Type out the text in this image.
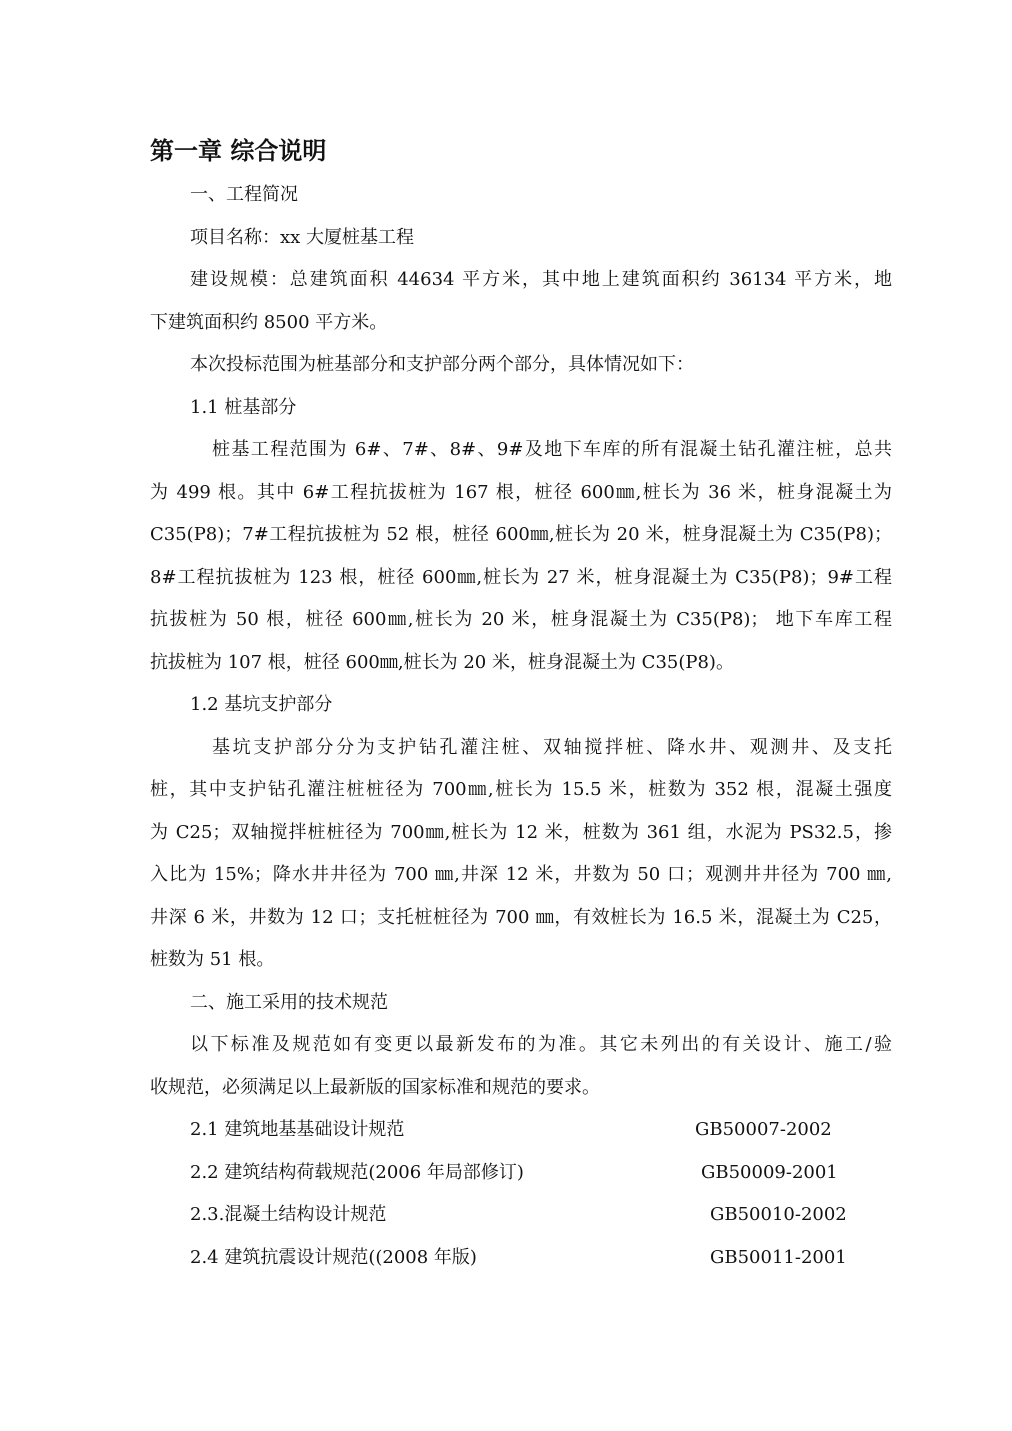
第一章 综合说明
一、工程简况
项目名称：xx 大厦桩基工程
建设规模：总建筑面积 44634 平方米，其中地上建筑面积约 36134 平方米，地
下建筑面积约 8500 平方米。
本次投标范围为桩基部分和支护部分两个部分，具体情况如下：
1.1 桩基部分
桩基工程范围为 6#、7#、8#、9#及地下车库的所有混凝土钻孔灌注桩，总共
为 499 根。其中 6#工程抗拔桩为 167 根，桩径 600㎜,桩长为 36 米，桩身混凝土为
C35(P8)；7#工程抗拔桩为 52 根，桩径 600㎜,桩长为 20 米，桩身混凝土为 C35(P8)；
8#工程抗拔桩为 123 根，桩径 600㎜,桩长为 27 米，桩身混凝土为 C35(P8)；9#工程
抗拔桩为 50 根，桩径 600㎜,桩长为 20 米，桩身混凝土为 C35(P8)； 地下车库工程
抗拔桩为 107 根，桩径 600㎜,桩长为 20 米，桩身混凝土为 C35(P8)。
1.2 基坑支护部分
基坑支护部分分为支护钻孔灌注桩、双轴搅拌桩、降水井、观测井、及支托
桩，其中支护钻孔灌注桩桩径为 700㎜,桩长为 15.5 米，桩数为 352 根，混凝土强度
为 C25；双轴搅拌桩桩径为 700㎜,桩长为 12 米，桩数为 361 组，水泥为 PS32.5，掺
入比为 15%；降水井井径为 700 ㎜,井深 12 米，井数为 50 口；观测井井径为 700 ㎜,
井深 6 米，井数为 12 口；支托桩桩径为 700 ㎜，有效桩长为 16.5 米，混凝土为 C25，
桩数为 51 根。
二、施工采用的技术规范
以下标准及规范如有变更以最新发布的为准。其它未列出的有关设计、施工/验
收规范，必须满足以上最新版的国家标准和规范的要求。
2.1 建筑地基基础设计规范	GB50007-2002
2.2 建筑结构荷载规范(2006 年局部修订)	GB50009-2001
2.3.混凝土结构设计规范	GB50010-2002
2.4 建筑抗震设计规范((2008 年版)	GB50011-2001
